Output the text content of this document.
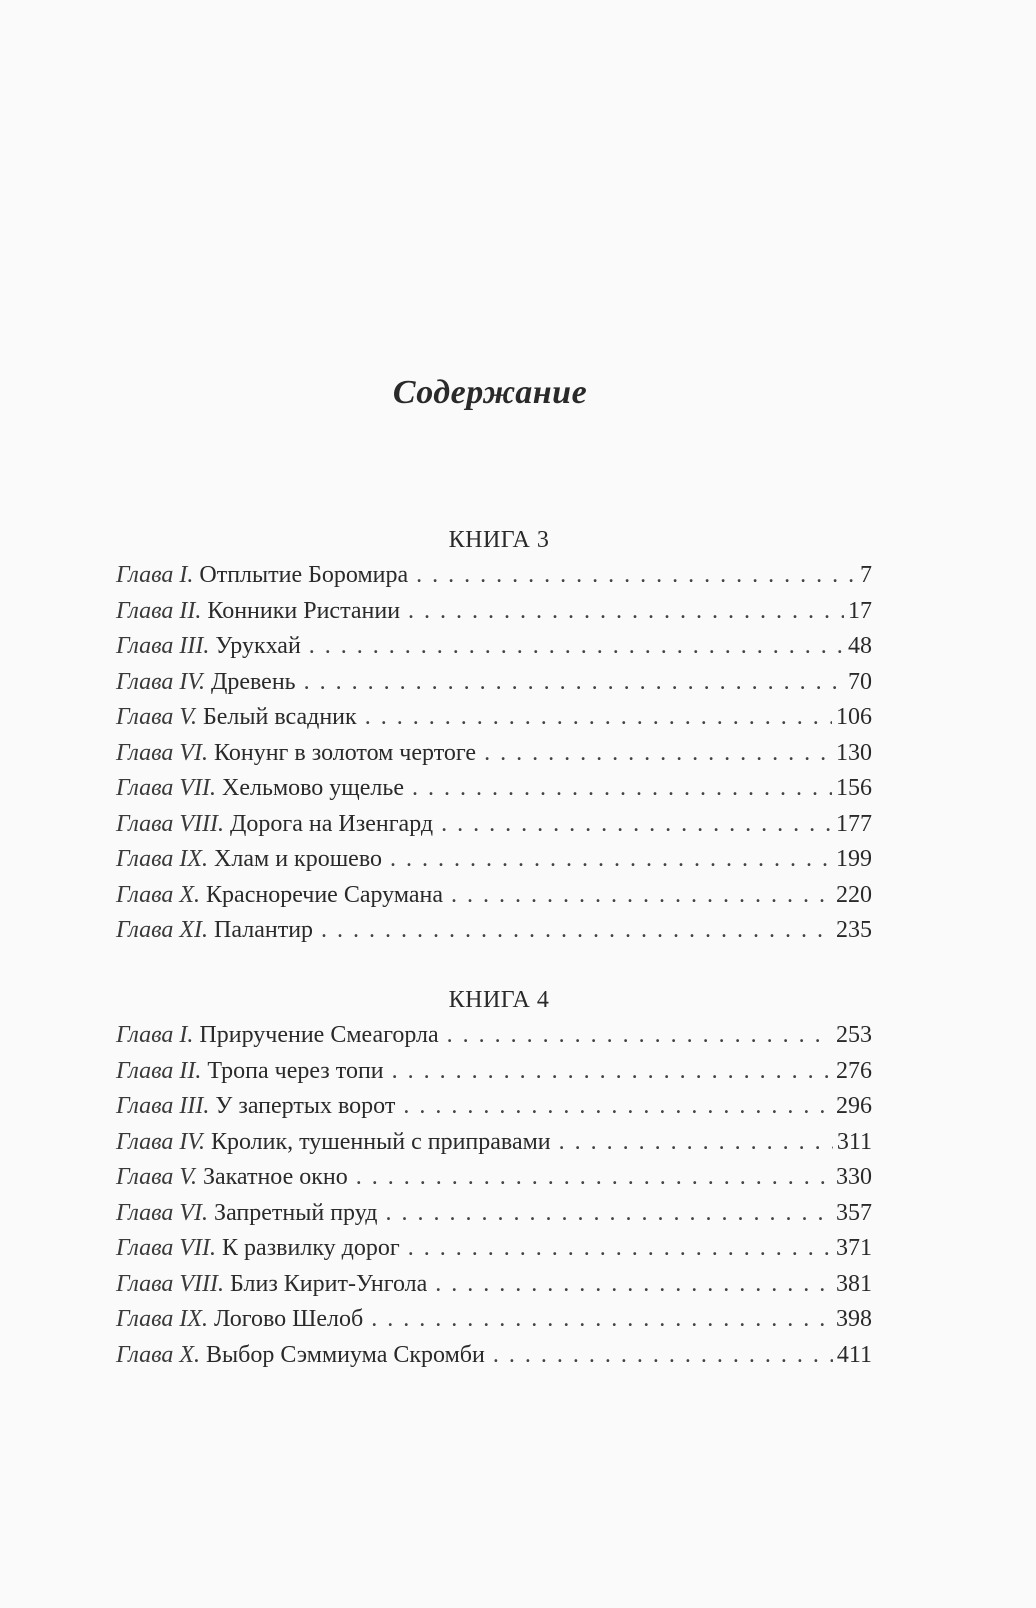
Содержание
КНИГА 3
Глава I. Отплытие Боромира . . .	7
Глава II. Конники Ристании . . .	17
Глава III. Урукхай . . .	48
Глава IV. Древень . . .	70
Глава V. Белый всадник . . .	106
Глава VI. Конунг в золотом чертоге . . .	130
Глава VII. Хельмово ущелье . . .	156
Глава VIII. Дорога на Изенгард . . .	177
Глава IX. Хлам и крошево . . .	199
Глава X. Красноречие Сарумана . . .	220
Глава XI. Палантир . . .	235
КНИГА 4
Глава I. Приручение Смеагорла . . .	253
Глава II. Тропа через топи . . .	276
Глава III. У запертых ворот . . .	296
Глава IV. Кролик, тушенный с приправами . . .	311
Глава V. Закатное окно . . .	330
Глава VI. Запретный пруд . . .	357
Глава VII. К развилку дорог . . .	371
Глава VIII. Близ Кирит-Унгола . . .	381
Глава IX. Логово Шелоб . . .	398
Глава X. Выбор Сэммиума Скромби . . .	411
